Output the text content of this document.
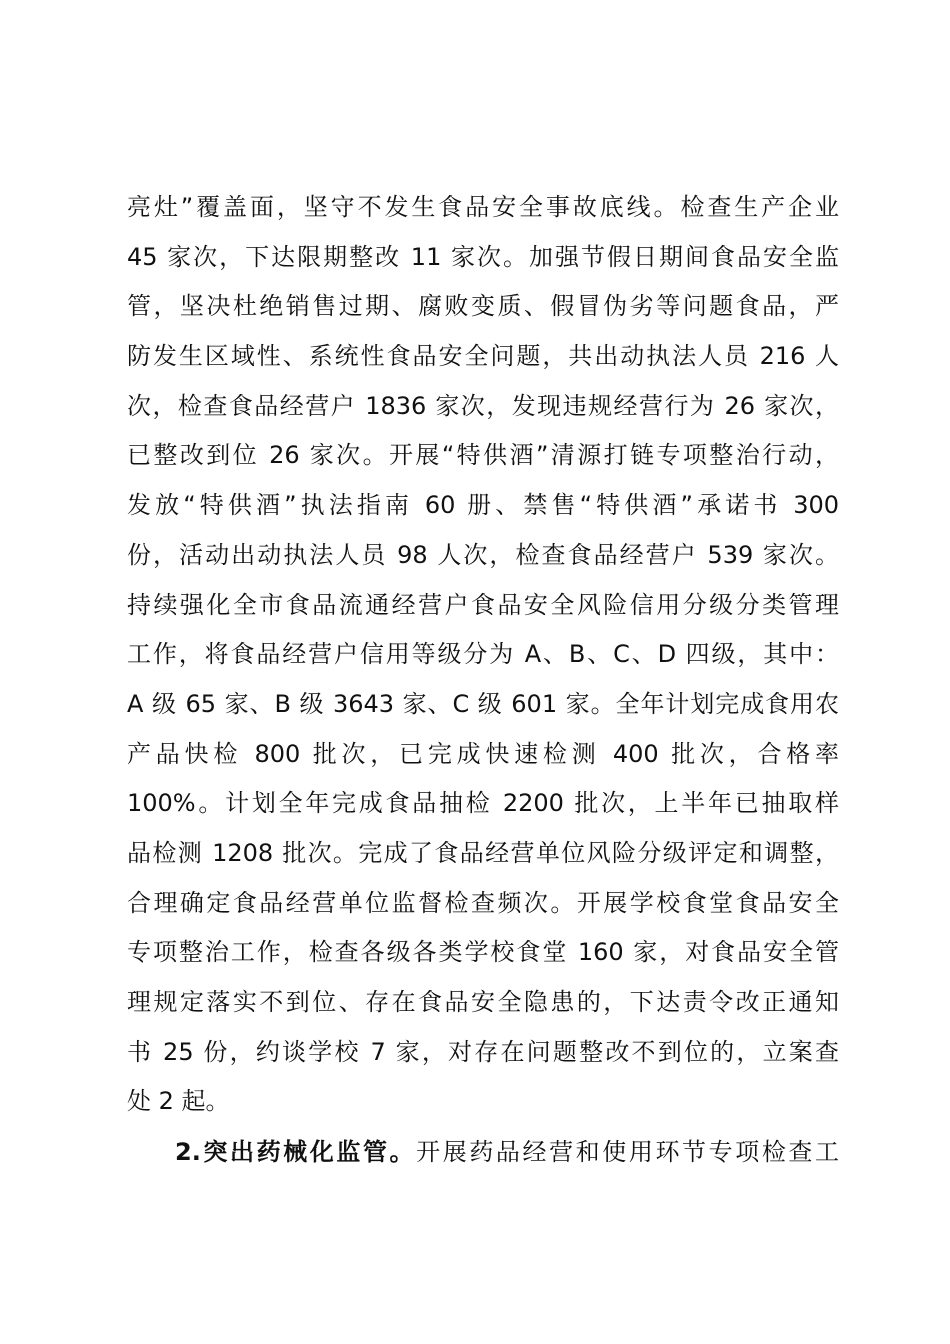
亮灶”覆盖面，坚守不发生食品安全事故底线。检查生产企业
45 家次，下达限期整改 11 家次。加强节假日期间食品安全监
管，坚决杜绝销售过期、腐败变质、假冒伪劣等问题食品，严
防发生区域性、系统性食品安全问题，共出动执法人员 216 人
次，检查食品经营户 1836 家次，发现违规经营行为 26 家次，
已整改到位 26 家次。开展“特供酒”清源打链专项整治行动，
发放“特供酒”执法指南 60 册、禁售“特供酒”承诺书 300
份，活动出动执法人员 98 人次，检查食品经营户 539 家次。
持续强化全市食品流通经营户食品安全风险信用分级分类管理
工作，将食品经营户信用等级分为 A、B、C、D 四级，其中：
A 级 65 家、B 级 3643 家、C 级 601 家。全年计划完成食用农
产品快检 800 批次，已完成快速检测 400 批次，合格率
100%。计划全年完成食品抽检 2200 批次，上半年已抽取样
品检测 1208 批次。完成了食品经营单位风险分级评定和调整，
合理确定食品经营单位监督检查频次。开展学校食堂食品安全
专项整治工作，检查各级各类学校食堂 160 家，对食品安全管
理规定落实不到位、存在食品安全隐患的，下达责令改正通知
书 25 份，约谈学校 7 家，对存在问题整改不到位的，立案查
处 2 起。
2.突出药械化监管。开展药品经营和使用环节专项检查工
